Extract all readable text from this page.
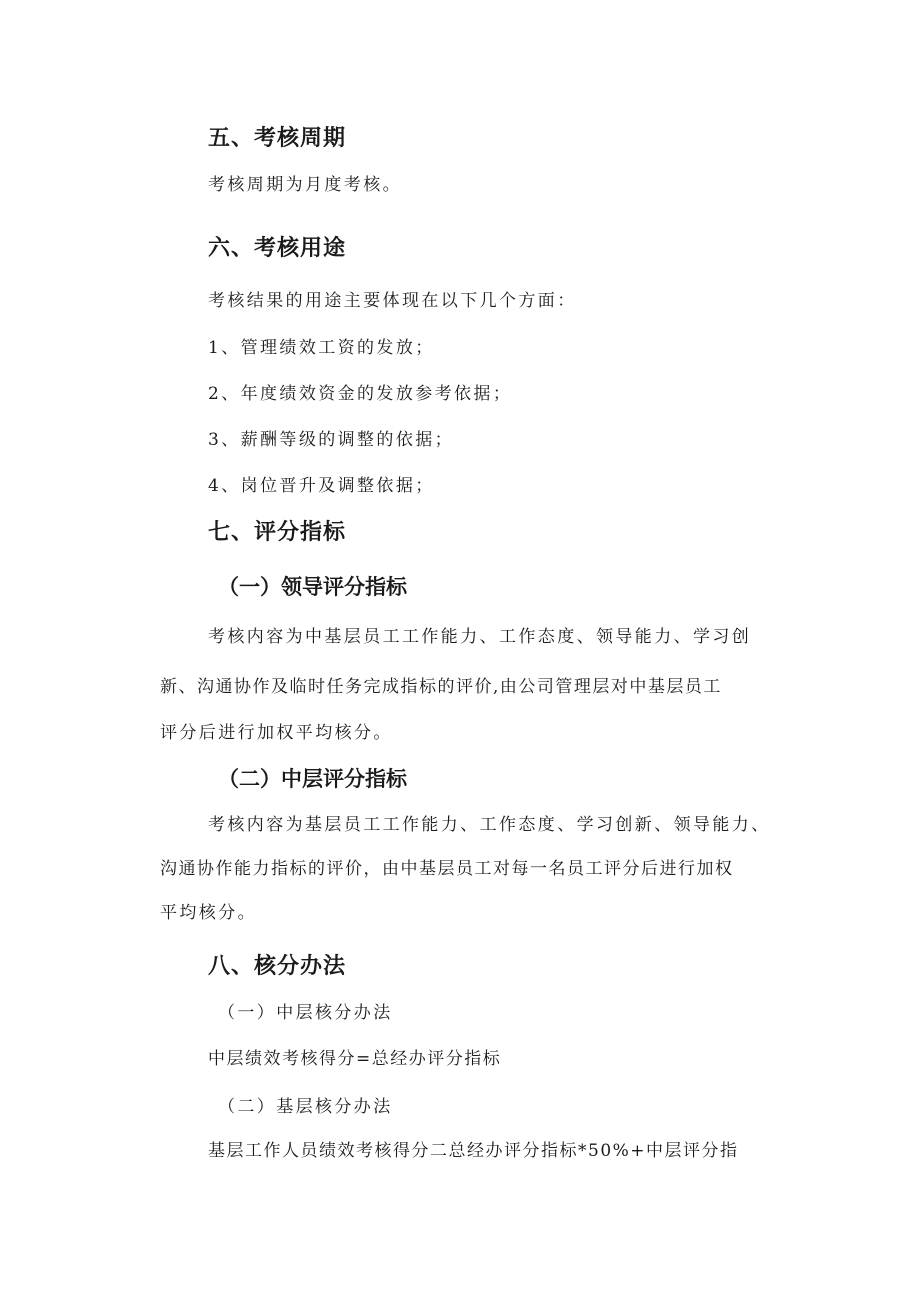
五、考核周期
考核周期为月度考核。
六、考核用途
考核结果的用途主要体现在以下几个方面：
1、管理绩效工资的发放；
2、年度绩效资金的发放参考依据；
3、薪酬等级的调整的依据；
4、岗位晋升及调整依据；
七、评分指标
（一）领导评分指标
考核内容为中基层员工工作能力、工作态度、领导能力、学习创
新、沟通协作及临时任务完成指标的评价,由公司管理层对中基层员工
评分后进行加权平均核分。
（二）中层评分指标
考核内容为基层员工工作能力、工作态度、学习创新、领导能力、
沟通协作能力指标的评价，由中基层员工对每一名员工评分后进行加权
平均核分。
八、核分办法
（一）中层核分办法
中层绩效考核得分=总经办评分指标
（二）基层核分办法
基层工作人员绩效考核得分二总经办评分指标*50%+中层评分指
